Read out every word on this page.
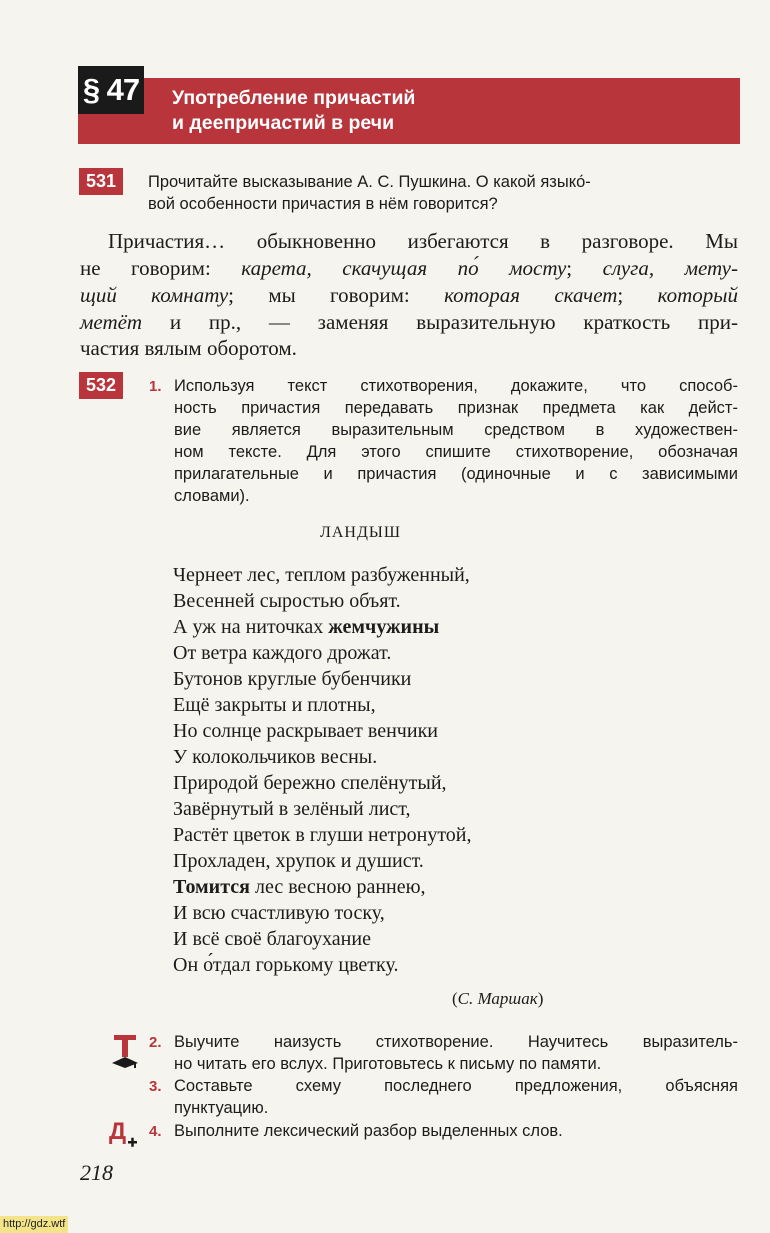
§ 47 Употребление причастий
и деепричастий в речи
531	Прочитайте высказывание А. С. Пушкина. О какой языко́-
вой особенности причастия в нём говорится?
Причастия… обыкновенно избегаются в разговоре. Мы
не говорим: карета, скачущая по́ мосту; слуга, мету-
щий комнату; мы говорим: которая скачет; который
метёт и пр., — заменяя выразительную краткость при-
частия вялым оборотом.
532	1. Используя текст стихотворения, докажите, что способ-
ность причастия передавать признак предмета как дейст-
вие является выразительным средством в художествен-
ном тексте. Для этого спишите стихотворение, обозначая
прилагательные и причастия (одиночные и с зависимыми
словами).
ЛАНДЫШ
Чернеет лес, теплом разбуженный,
Весенней сыростью объят.
А уж на ниточках жемчужины
От ветра каждого дрожат.
Бутонов круглые бубенчики
Ещё закрыты и плотны,
Но солнце раскрывает венчики
У колокольчиков весны.
Природой бережно спелёнутый,
Завёрнутый в зелёный лист,
Растёт цветок в глуши нетронутой,
Прохладен, хрупок и душист.
Томится лес весною раннею,
И всю счастливую тоску,
И всё своё благоухание
Он о́тдал горькому цветку.
(С. Маршак)
2. Выучите наизусть стихотворение. Научитесь выразитель-
но читать его вслух. Приготовьтесь к письму по памяти.
3. Составьте схему последнего предложения, объясняя
пунктуацию.
Д 4. Выполните лексический разбор выделенных слов.
218
http://gdz.wtf
